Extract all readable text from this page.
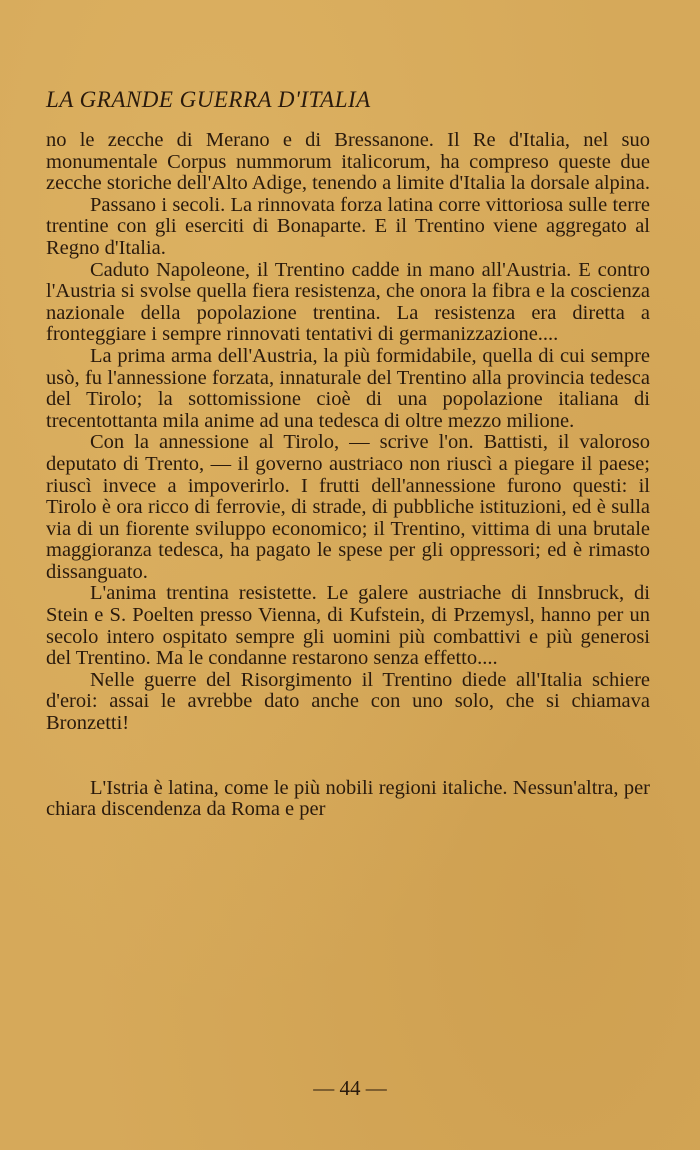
LA GRANDE GUERRA D'ITALIA

no le zecche di Merano e di Bressanone. Il Re d'Italia, nel suo monumentale Corpus nummorum italicorum, ha compreso queste due zecche storiche dell'Alto Adige, tenendo a limite d'Italia la dorsale alpina.

Passano i secoli. La rinnovata forza latina corre vittoriosa sulle terre trentine con gli eserciti di Bonaparte. E il Trentino viene aggregato al Regno d'Italia.

Caduto Napoleone, il Trentino cadde in mano all'Austria. E contro l'Austria si svolse quella fiera resistenza, che onora la fibra e la coscienza nazionale della popolazione trentina. La resistenza era diretta a fronteggiare i sempre rinnovati tentativi di germanizzazione....

La prima arma dell'Austria, la più formidabile, quella di cui sempre usò, fu l'annessione forzata, innaturale del Trentino alla provincia tedesca del Tirolo; la sottomissione cioè di una popolazione italiana di trecentottanta mila anime ad una tedesca di oltre mezzo milione.

Con la annessione al Tirolo, — scrive l'on. Battisti, il valoroso deputato di Trento, — il governo austriaco non riuscì a piegare il paese; riuscì invece a impoverirlo. I frutti dell'annessione furono questi: il Tirolo è ora ricco di ferrovie, di strade, di pubbliche istituzioni, ed è sulla via di un fiorente sviluppo economico; il Trentino, vittima di una brutale maggioranza tedesca, ha pagato le spese per gli oppressori; ed è rimasto dissanguato.

L'anima trentina resistette. Le galere austriache di Innsbruck, di Stein e S. Poelten presso Vienna, di Kufstein, di Przemysl, hanno per un secolo intero ospitato sempre gli uomini più combattivi e più generosi del Trentino. Ma le condanne restarono senza effetto....

Nelle guerre del Risorgimento il Trentino diede all'Italia schiere d'eroi: assai le avrebbe dato anche con uno solo, che si chiamava Bronzetti!

L'Istria è latina, come le più nobili regioni italiche. Nessun'altra, per chiara discendenza da Roma e per

— 44 —
